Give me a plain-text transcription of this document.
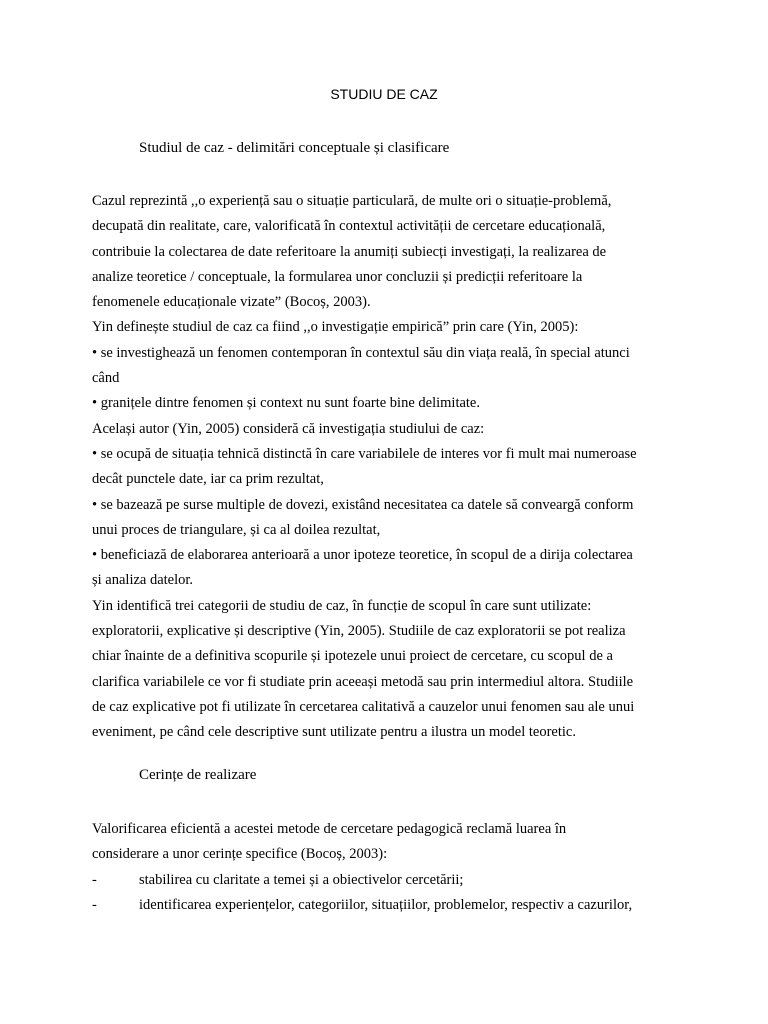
STUDIU DE CAZ
Studiul de caz - delimitări conceptuale și clasificare
Cazul reprezintă ,,o experiență sau o situație particulară, de multe ori o situație-problemă,
decupată din realitate, care, valorificată în contextul activității de cercetare educațională,
contribuie la colectarea de date referitoare la anumiți subiecți investigați, la realizarea de
analize teoretice / conceptuale, la formularea unor concluzii și predicții referitoare la
fenomenele educaționale vizate” (Bocoș, 2003).
Yin definește studiul de caz ca fiind ,,o investigație empirică” prin care (Yin, 2005):
• se investighează un fenomen contemporan în contextul său din viața reală, în special atunci
când
• granițele dintre fenomen și context nu sunt foarte bine delimitate.
Același autor (Yin, 2005) consideră că investigația studiului de caz:
• se ocupă de situația tehnică distinctă în care variabilele de interes vor fi mult mai numeroase
decât punctele date, iar ca prim rezultat,
• se bazează pe surse multiple de dovezi, existând necesitatea ca datele să conveargă conform
unui proces de triangulare, și ca al doilea rezultat,
• beneficiază de elaborarea anterioară a unor ipoteze teoretice, în scopul de a dirija colectarea
și analiza datelor.
Yin identifică trei categorii de studiu de caz, în funcție de scopul în care sunt utilizate:
exploratorii, explicative și descriptive (Yin, 2005). Studiile de caz exploratorii se pot realiza
chiar înainte de a definitiva scopurile și ipotezele unui proiect de cercetare, cu scopul de a
clarifica variabilele ce vor fi studiate prin aceeași metodă sau prin intermediul altora. Studiile
de caz explicative pot fi utilizate în cercetarea calitativă a cauzelor unui fenomen sau ale unui
eveniment, pe când cele descriptive sunt utilizate pentru a ilustra un model teoretic.
Cerințe de realizare
Valorificarea eficientă a acestei metode de cercetare pedagogică reclamă luarea în
considerare a unor cerințe specifice (Bocoș, 2003):
-	stabilirea cu claritate a temei și a obiectivelor cercetării;
-	identificarea experiențelor, categoriilor, situațiilor, problemelor, respectiv a cazurilor,
